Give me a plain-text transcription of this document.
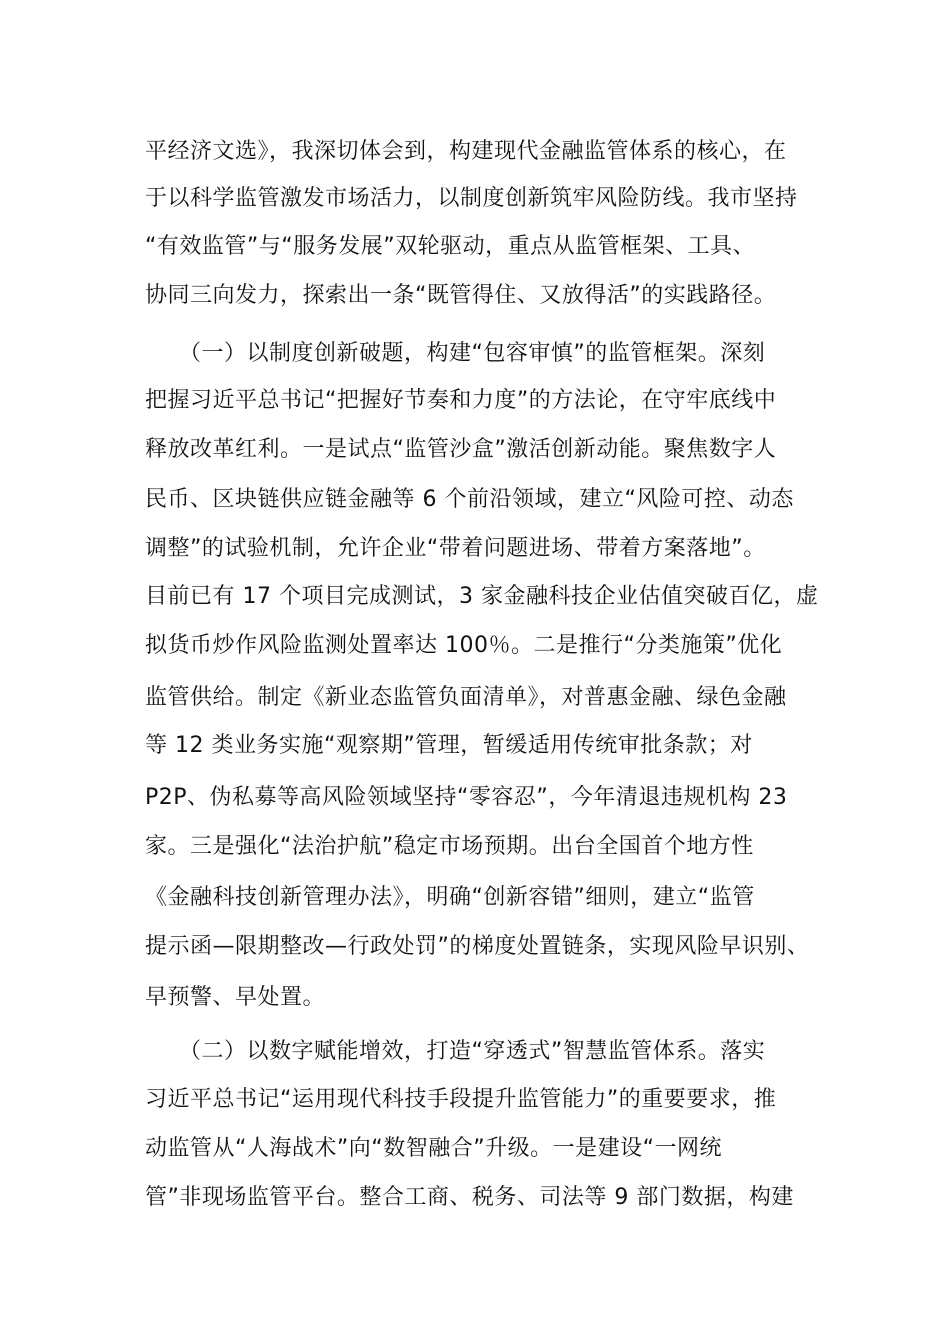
平经济文选》，我深切体会到，构建现代金融监管体系的核心，在
于以科学监管激发市场活力，以制度创新筑牢风险防线。我市坚持
“有效监管”与“服务发展”双轮驱动，重点从监管框架、工具、
协同三向发力，探索出一条“既管得住、又放得活”的实践路径。
　　（一）以制度创新破题，构建“包容审慎”的监管框架。深刻
把握习近平总书记“把握好节奏和力度”的方法论，在守牢底线中
释放改革红利。一是试点“监管沙盒”激活创新动能。聚焦数字人
民币、区块链供应链金融等 6 个前沿领域，建立“风险可控、动态
调整”的试验机制，允许企业“带着问题进场、带着方案落地”。
目前已有 17 个项目完成测试，3 家金融科技企业估值突破百亿，虚
拟货币炒作风险监测处置率达 100％。二是推行“分类施策”优化
监管供给。制定《新业态监管负面清单》，对普惠金融、绿色金融
等 12 类业务实施“观察期”管理，暂缓适用传统审批条款；对
P2P、伪私募等高风险领域坚持“零容忍”，今年清退违规机构 23
家。三是强化“法治护航”稳定市场预期。出台全国首个地方性
《金融科技创新管理办法》，明确“创新容错”细则，建立“监管
提示函—限期整改—行政处罚”的梯度处置链条，实现风险早识别、
早预警、早处置。
　　（二）以数字赋能增效，打造“穿透式”智慧监管体系。落实
习近平总书记“运用现代科技手段提升监管能力”的重要要求，推
动监管从“人海战术”向“数智融合”升级。一是建设“一网统
管”非现场监管平台。整合工商、税务、司法等 9 部门数据，构建
